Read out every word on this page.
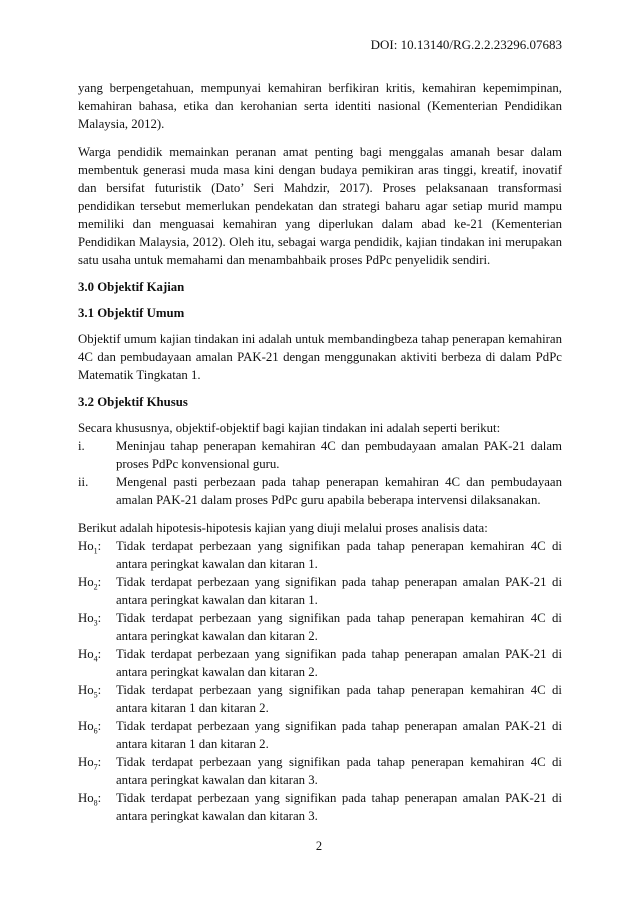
DOI: 10.13140/RG.2.2.23296.07683

yang berpengetahuan, mempunyai kemahiran berfikiran kritis, kemahiran kepemimpinan, kemahiran bahasa, etika dan kerohanian serta identiti nasional (Kementerian Pendidikan Malaysia, 2012).

Warga pendidik memainkan peranan amat penting bagi menggalas amanah besar dalam membentuk generasi muda masa kini dengan budaya pemikiran aras tinggi, kreatif, inovatif dan bersifat futuristik (Dato’ Seri Mahdzir, 2017). Proses pelaksanaan transformasi pendidikan tersebut memerlukan pendekatan dan strategi baharu agar setiap murid mampu memiliki dan menguasai kemahiran yang diperlukan dalam abad ke-21 (Kementerian Pendidikan Malaysia, 2012). Oleh itu, sebagai warga pendidik, kajian tindakan ini merupakan satu usaha untuk memahami dan menambahbaik proses PdPc penyelidik sendiri.

3.0 Objektif Kajian
3.1 Objektif Umum

Objektif umum kajian tindakan ini adalah untuk membandingbeza tahap penerapan kemahiran 4C dan pembudayaan amalan PAK-21 dengan menggunakan aktiviti berbeza di dalam PdPc Matematik Tingkatan 1.

3.2 Objektif Khusus

Secara khususnya, objektif-objektif bagi kajian tindakan ini adalah seperti berikut:

i.	Meninjau tahap penerapan kemahiran 4C dan pembudayaan amalan PAK-21 dalam proses PdPc konvensional guru.
ii.	Mengenal pasti perbezaan pada tahap penerapan kemahiran 4C dan pembudayaan amalan PAK-21 dalam proses PdPc guru apabila beberapa intervensi dilaksanakan.

Berikut adalah hipotesis-hipotesis kajian yang diuji melalui proses analisis data:

$Ho_1$:	Tidak terdapat perbezaan yang signifikan pada tahap penerapan kemahiran 4C di antara peringkat kawalan dan kitaran 1.
$Ho_2$:	Tidak terdapat perbezaan yang signifikan pada tahap penerapan amalan PAK-21 di antara peringkat kawalan dan kitaran 1.
$Ho_3$:	Tidak terdapat perbezaan yang signifikan pada tahap penerapan kemahiran 4C di antara peringkat kawalan dan kitaran 2.
$Ho_4$:	Tidak terdapat perbezaan yang signifikan pada tahap penerapan amalan PAK-21 di antara peringkat kawalan dan kitaran 2.
$Ho_5$:	Tidak terdapat perbezaan yang signifikan pada tahap penerapan kemahiran 4C di antara kitaran 1 dan kitaran 2.
$Ho_6$:	Tidak terdapat perbezaan yang signifikan pada tahap penerapan amalan PAK-21 di antara kitaran 1 dan kitaran 2.
$Ho_7$:	Tidak terdapat perbezaan yang signifikan pada tahap penerapan kemahiran 4C di antara peringkat kawalan dan kitaran 3.
$Ho_8$:	Tidak terdapat perbezaan yang signifikan pada tahap penerapan amalan PAK-21 di antara peringkat kawalan dan kitaran 3.
2
